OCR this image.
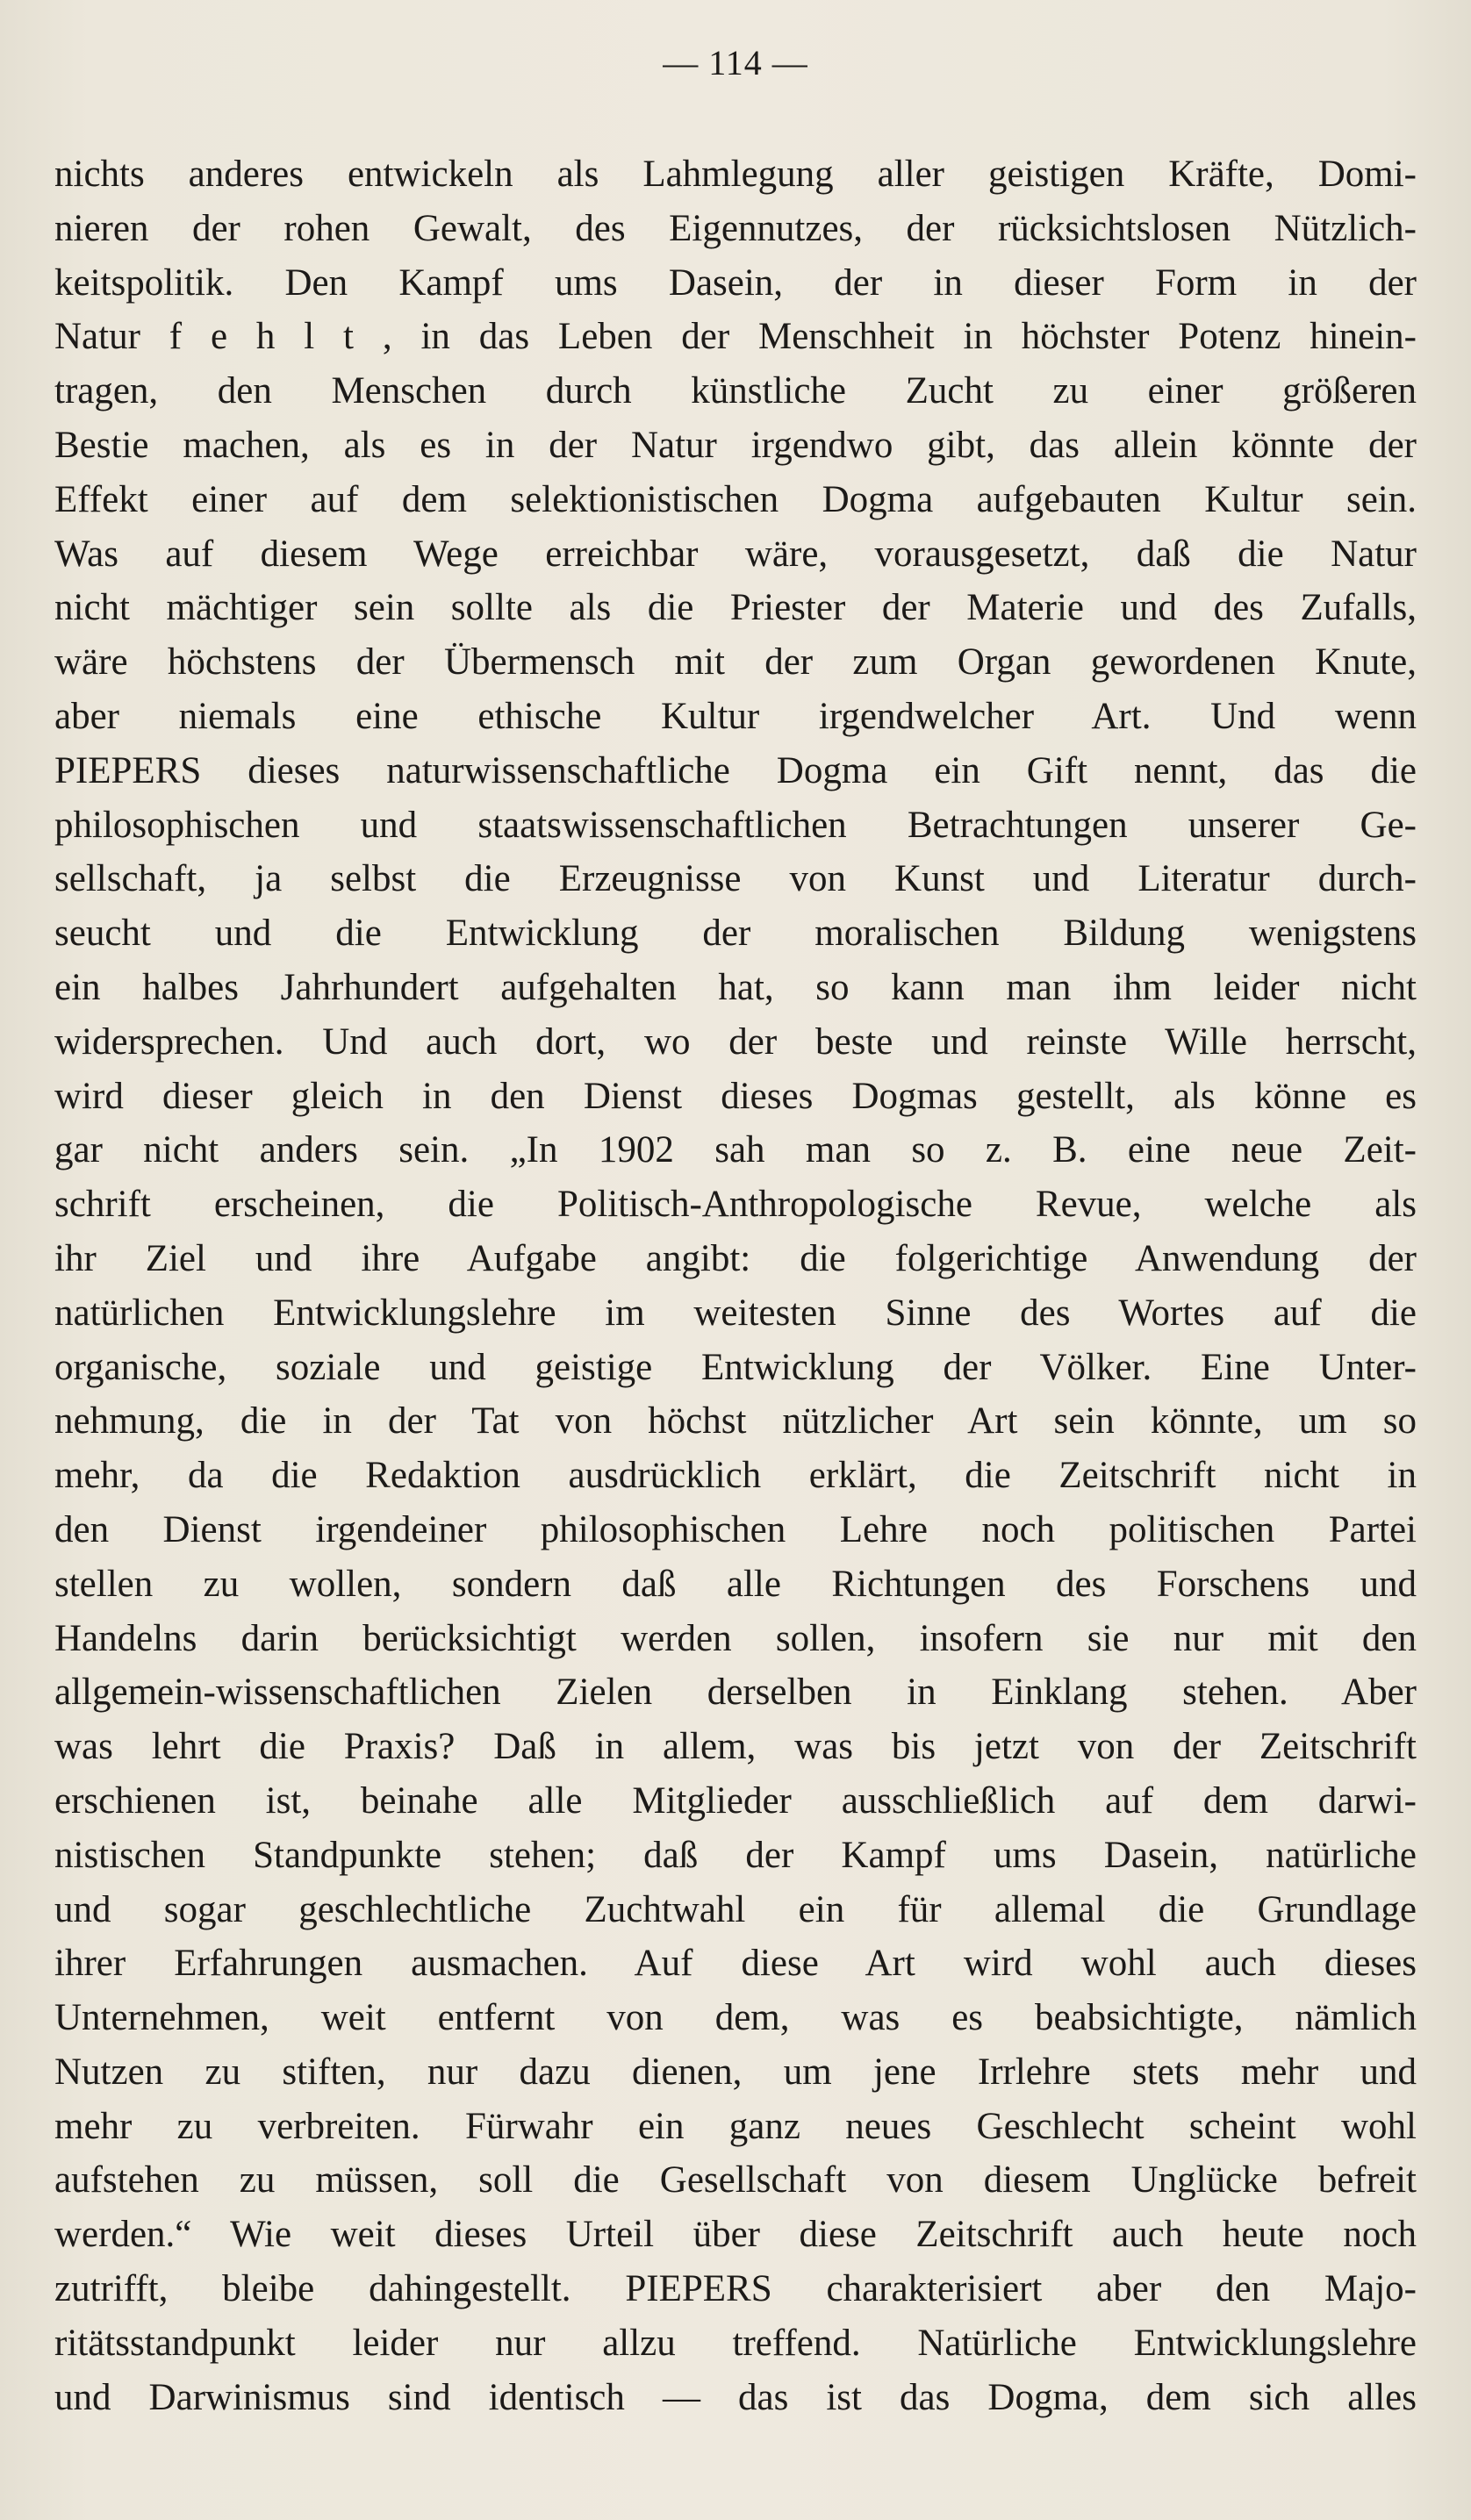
— 114 —
nichts anderes entwickeln als Lahmlegung aller geistigen Kräfte, Domi-
nieren der rohen Gewalt, des Eigennutzes, der rücksichtslosen Nützlich-
keitspolitik. Den Kampf ums Dasein, der in dieser Form in der
Natur f e h l t , in das Leben der Menschheit in höchster Potenz hinein-
tragen, den Menschen durch künstliche Zucht zu einer größeren
Bestie machen, als es in der Natur irgendwo gibt, das allein könnte der
Effekt einer auf dem selektionistischen Dogma aufgebauten Kultur sein.
Was auf diesem Wege erreichbar wäre, vorausgesetzt, daß die Natur
nicht mächtiger sein sollte als die Priester der Materie und des Zufalls,
wäre höchstens der Übermensch mit der zum Organ gewordenen Knute,
aber niemals eine ethische Kultur irgendwelcher Art. Und wenn
PIEPERS dieses naturwissenschaftliche Dogma ein Gift nennt, das die
philosophischen und staatswissenschaftlichen Betrachtungen unserer Ge-
sellschaft, ja selbst die Erzeugnisse von Kunst und Literatur durch-
seucht und die Entwicklung der moralischen Bildung wenigstens
ein halbes Jahrhundert aufgehalten hat, so kann man ihm leider nicht
widersprechen. Und auch dort, wo der beste und reinste Wille herrscht,
wird dieser gleich in den Dienst dieses Dogmas gestellt, als könne es
gar nicht anders sein. „In 1902 sah man so z. B. eine neue Zeit-
schrift erscheinen, die Politisch-Anthropologische Revue, welche als
ihr Ziel und ihre Aufgabe angibt: die folgerichtige Anwendung der
natürlichen Entwicklungslehre im weitesten Sinne des Wortes auf die
organische, soziale und geistige Entwicklung der Völker. Eine Unter-
nehmung, die in der Tat von höchst nützlicher Art sein könnte, um so
mehr, da die Redaktion ausdrücklich erklärt, die Zeitschrift nicht in
den Dienst irgendeiner philosophischen Lehre noch politischen Partei
stellen zu wollen, sondern daß alle Richtungen des Forschens und
Handelns darin berücksichtigt werden sollen, insofern sie nur mit den
allgemein-wissenschaftlichen Zielen derselben in Einklang stehen. Aber
was lehrt die Praxis? Daß in allem, was bis jetzt von der Zeitschrift
erschienen ist, beinahe alle Mitglieder ausschließlich auf dem darwi-
nistischen Standpunkte stehen; daß der Kampf ums Dasein, natürliche
und sogar geschlechtliche Zuchtwahl ein für allemal die Grundlage
ihrer Erfahrungen ausmachen. Auf diese Art wird wohl auch dieses
Unternehmen, weit entfernt von dem, was es beabsichtigte, nämlich
Nutzen zu stiften, nur dazu dienen, um jene Irrlehre stets mehr und
mehr zu verbreiten. Fürwahr ein ganz neues Geschlecht scheint wohl
aufstehen zu müssen, soll die Gesellschaft von diesem Unglücke befreit
werden.“ Wie weit dieses Urteil über diese Zeitschrift auch heute noch
zutrifft, bleibe dahingestellt. PIEPERS charakterisiert aber den Majo-
ritätsstandpunkt leider nur allzu treffend. Natürliche Entwicklungslehre
und Darwinismus sind identisch — das ist das Dogma, dem sich alles
